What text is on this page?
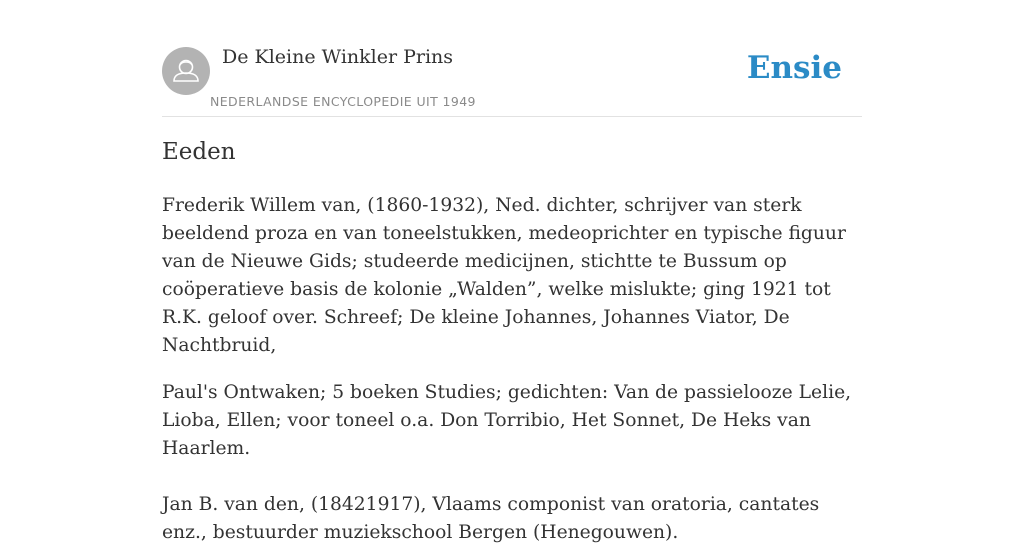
De Kleine Winkler Prins
NEDERLANDSE ENCYCLOPEDIE UIT 1949
Ensie
Eeden

Frederik Willem van, (1860-1932), Ned. dichter, schrijver van sterk beeldend proza en van toneelstukken, medeoprichter en typische figuur van de Nieuwe Gids; studeerde medicijnen, stichtte te Bussum op coöperatieve basis de kolonie „Walden”, welke mislukte; ging 1921 tot R.K. geloof over. Schreef; De kleine Johannes, Johannes Viator, De Nachtbruid,

Paul's Ontwaken; 5 boeken Studies; gedichten: Van de passielooze Lelie, Lioba, Ellen; voor toneel o.a. Don Torribio, Het Sonnet, De Heks van Haarlem.

Jan B. van den, (18421917), Vlaams componist van oratoria, cantates enz., bestuurder muziekschool Bergen (Henegouwen).
